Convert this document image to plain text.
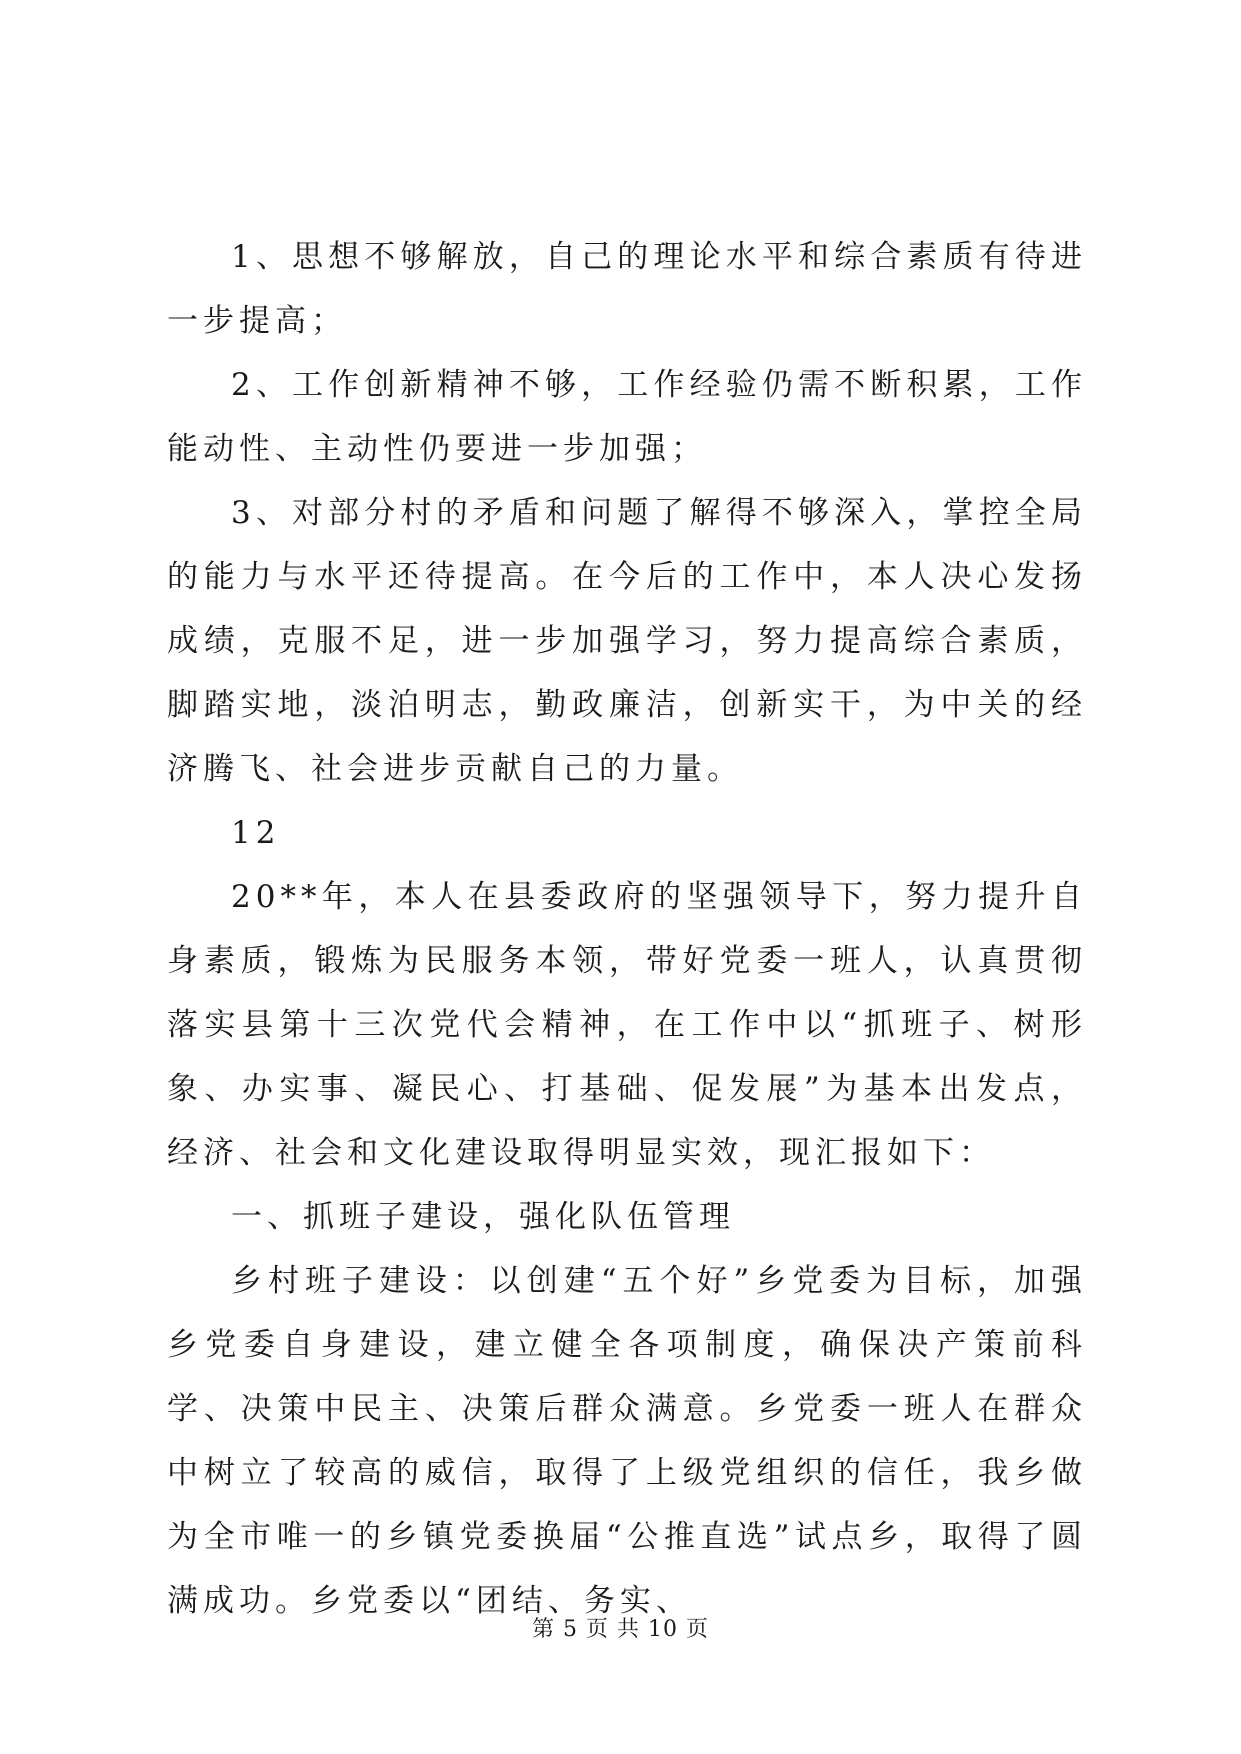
1、思想不够解放，自己的理论水平和综合素质有待进一步提高；

2、工作创新精神不够，工作经验仍需不断积累，工作能动性、主动性仍要进一步加强；

3、对部分村的矛盾和问题了解得不够深入，掌控全局的能力与水平还待提高。在今后的工作中，本人决心发扬成绩，克服不足，进一步加强学习，努力提高综合素质，脚踏实地，淡泊明志，勤政廉洁，创新实干，为中关的经济腾飞、社会进步贡献自己的力量。

12

20**年，本人在县委政府的坚强领导下，努力提升自身素质，锻炼为民服务本领，带好党委一班人，认真贯彻落实县第十三次党代会精神，在工作中以“抓班子、树形象、办实事、凝民心、打基础、促发展”为基本出发点，经济、社会和文化建设取得明显实效，现汇报如下：

一、抓班子建设，强化队伍管理

乡村班子建设：以创建“五个好”乡党委为目标，加强乡党委自身建设，建立健全各项制度，确保决产策前科学、决策中民主、决策后群众满意。乡党委一班人在群众中树立了较高的威信，取得了上级党组织的信任，我乡做为全市唯一的乡镇党委换届“公推直选”试点乡，取得了圆满成功。乡党委以“团结、务实、

第 5 页 共 10 页
